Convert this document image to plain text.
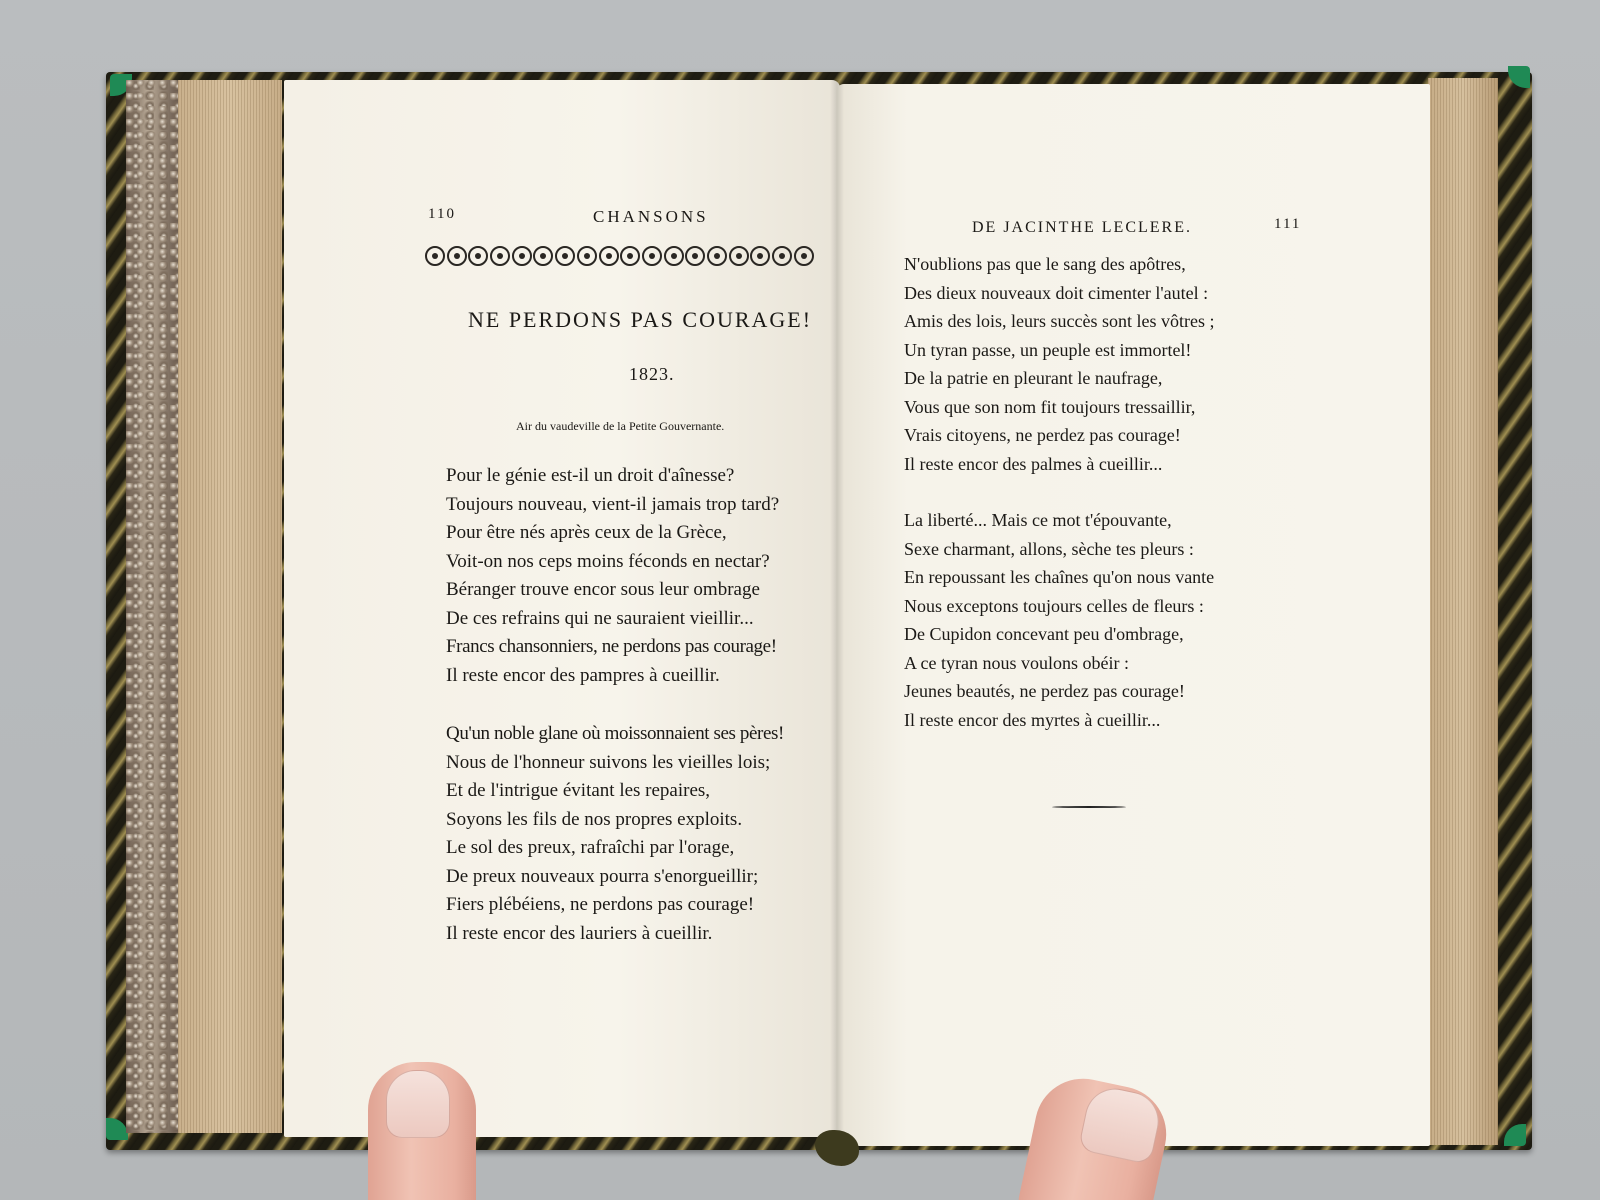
110	CHANSONS
NE PERDONS PAS COURAGE!
1823.
Air du vaudeville de la Petite Gouvernante.
Pour le génie est-il un droit d'aînesse?
Toujours nouveau, vient-il jamais trop tard?
Pour être nés après ceux de la Grèce,
Voit-on nos ceps moins féconds en nectar?
Béranger trouve encor sous leur ombrage
De ces refrains qui ne sauraient vieillir...
Francs chansonniers, ne perdons pas courage!
Il reste encor des pampres à cueillir.
Qu'un noble glane où moissonnaient ses pères!
Nous de l'honneur suivons les vieilles lois;
Et de l'intrigue évitant les repaires,
Soyons les fils de nos propres exploits.
Le sol des preux, rafraîchi par l'orage,
De preux nouveaux pourra s'enorgueillir;
Fiers plébéiens, ne perdons pas courage!
Il reste encor des lauriers à cueillir.
DE JACINTHE LECLERE.	111
N'oublions pas que le sang des apôtres,
Des dieux nouveaux doit cimenter l'autel :
Amis des lois, leurs succès sont les vôtres ;
Un tyran passe, un peuple est immortel!
De la patrie en pleurant le naufrage,
Vous que son nom fit toujours tressaillir,
Vrais citoyens, ne perdez pas courage!
Il reste encor des palmes à cueillir...
La liberté... Mais ce mot t'épouvante,
Sexe charmant, allons, sèche tes pleurs :
En repoussant les chaînes qu'on nous vante
Nous exceptons toujours celles de fleurs :
De Cupidon concevant peu d'ombrage,
A ce tyran nous voulons obéir :
Jeunes beautés, ne perdez pas courage!
Il reste encor des myrtes à cueillir...
